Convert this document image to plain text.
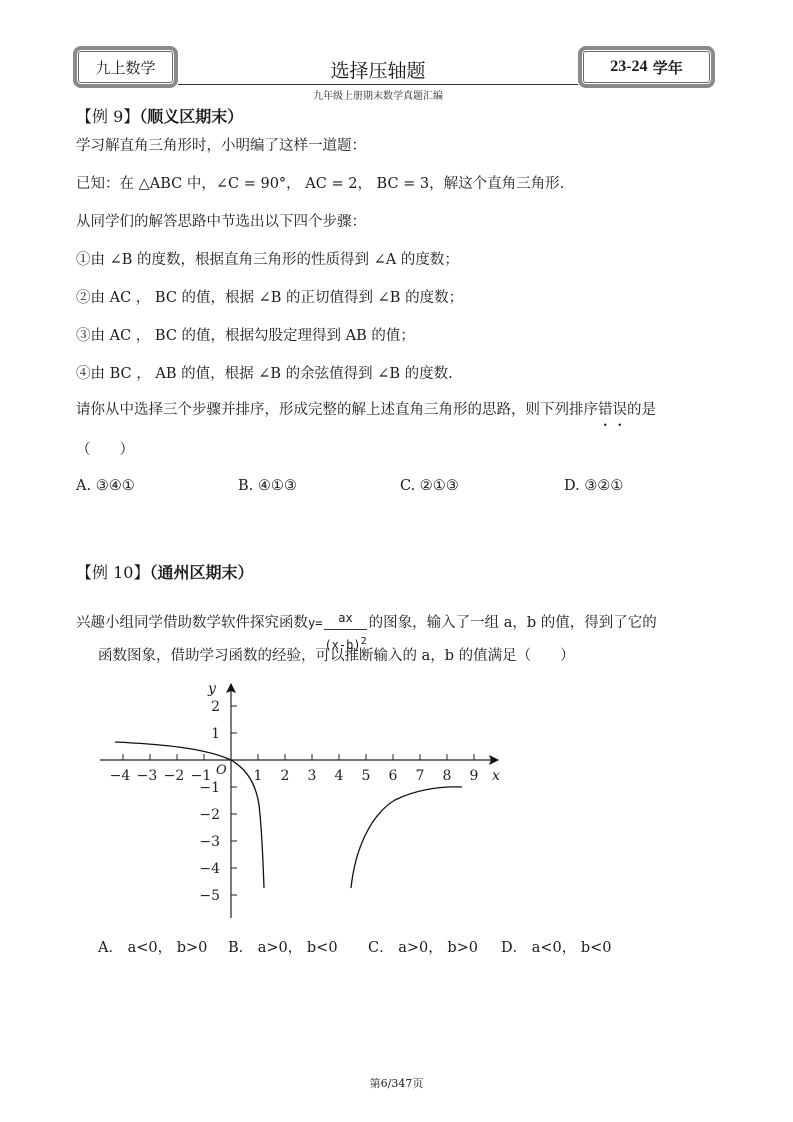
九上数学	选择压轴题
九年级上册期末数学真题汇编
23-24
学年
【例 9】（顺义区期末）
学习解直角三角形时，小明编了这样一道题：
已知：在 △ABC 中，∠C = 90°， AC = 2， BC = 3，解这个直角三角形.
从同学们的解答思路中节选出以下四个步骤：
①由 ∠B 的度数，根据直角三角形的性质得到 ∠A 的度数；
②由 AC ， BC 的值，根据 ∠B 的正切值得到 ∠B 的度数；
③由 AC ， BC 的值，根据勾股定理得到 AB 的值；
④由 BC ， AB 的值，根据 ∠B 的余弦值得到 ∠B 的度数.
请你从中选择三个步骤并排序，形成完整的解上述直角三角形的思路，则下列排序错误的是
（　　）
A. ③④①	B. ④①③	C. ②①③	D. ③②①
【例 10】（通州区期末）
兴趣小组同学借助数学软件探究函数 $y= \frac{ax}{(x-b)^2}$ 的图象，输入了一组 a，b 的值，得到了它的
函数图象，借助学习函数的经验，可以推断输入的 a，b 的值满足（　　）
−4 −3 −2 −1	1 2 3 4 5 6 7 8 9
2
1
−1
−2
−3
−4
−5
x
y
O
A． a<0， b>0	B． a>0， b<0	C． a>0， b>0	D． a<0， b<0
第6/347页
